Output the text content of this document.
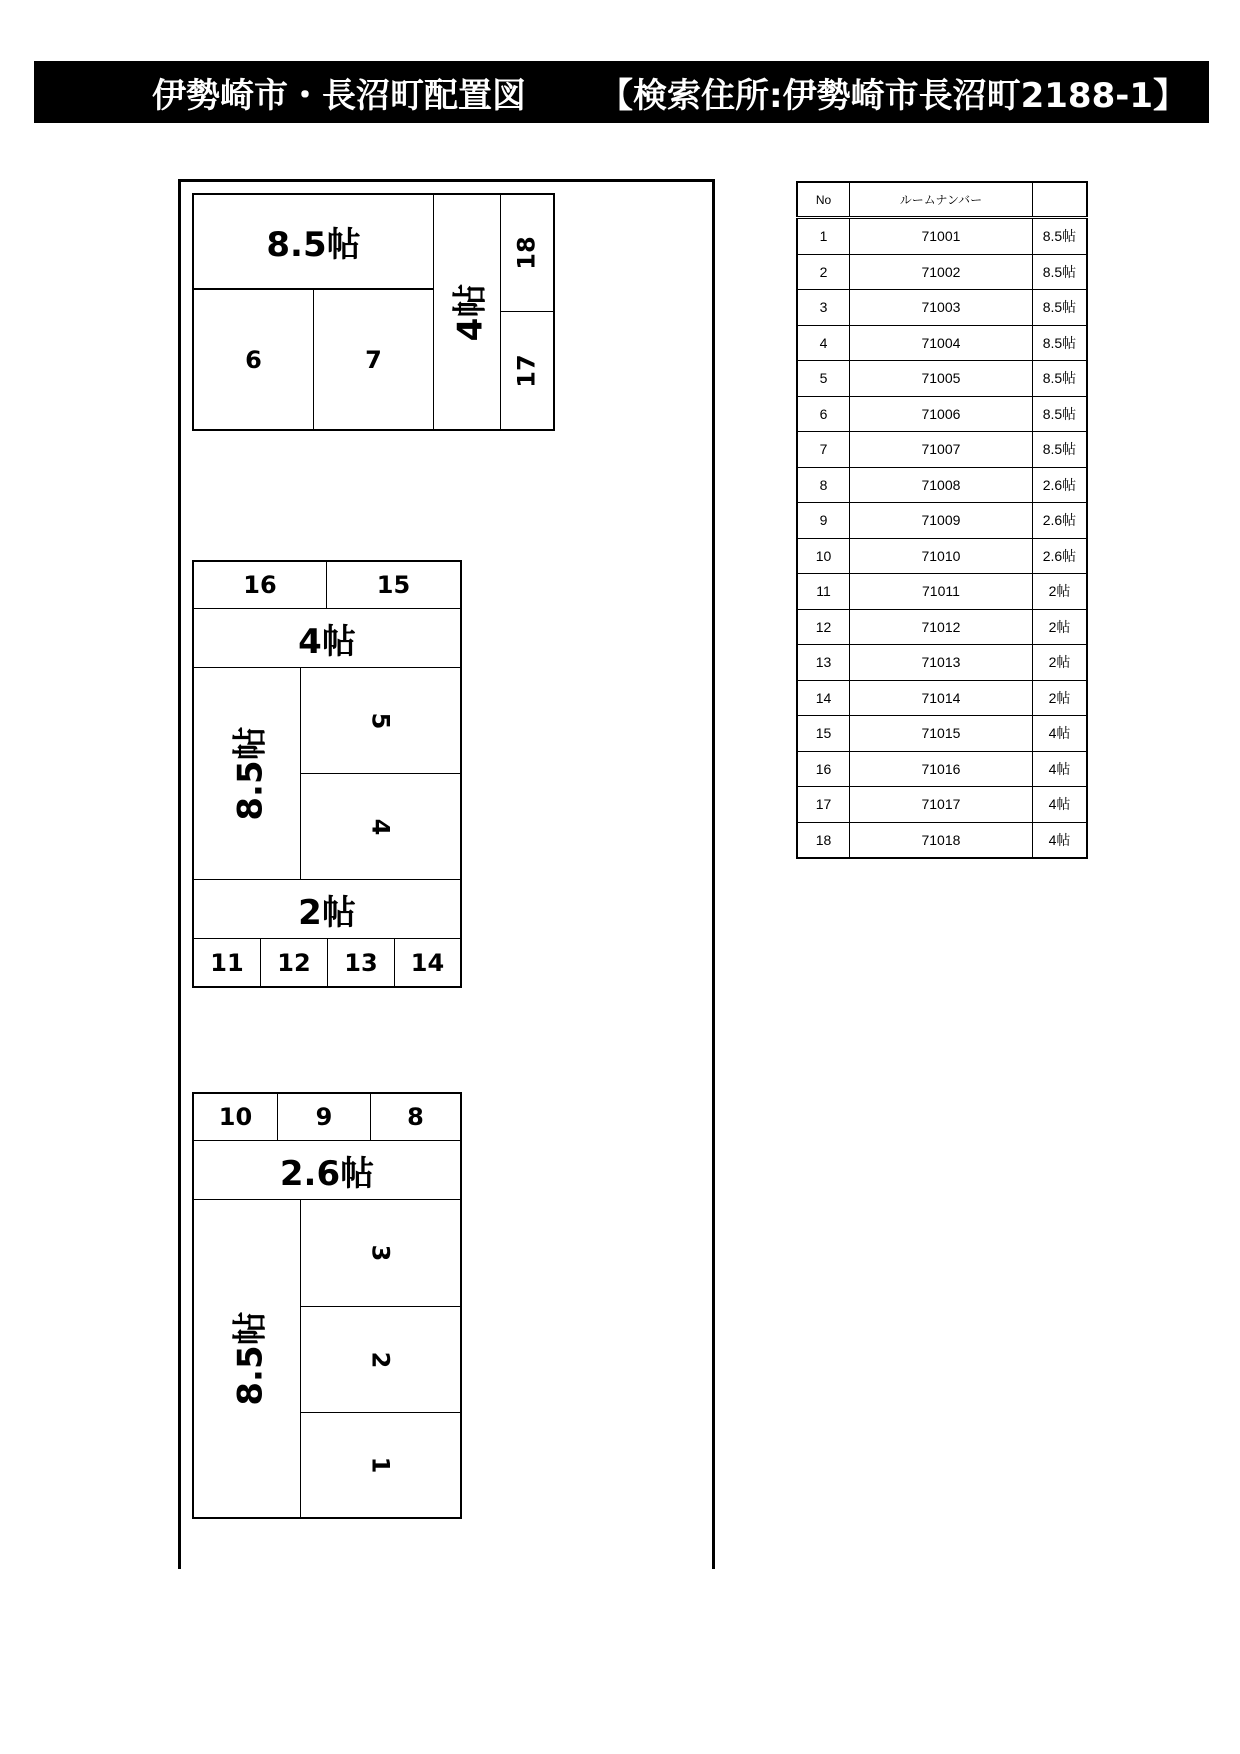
伊勢崎市・長沼町配置図 【検索住所:伊勢崎市長沼町2188-1】
8.5帖
6	7
4帖
18
17
16	15
4帖
8.5帖
5
4
2帖
11 12 13 14
10	9	8
2.6帖
8.5帖
3
2
1
No	ルームナンバー	
1	71001	8.5帖
2	71002	8.5帖
3	71003	8.5帖
4	71004	8.5帖
5	71005	8.5帖
6	71006	8.5帖
7	71007	8.5帖
8	71008	2.6帖
9	71009	2.6帖
10	71010	2.6帖
11	71011	2帖
12	71012	2帖
13	71013	2帖
14	71014	2帖
15	71015	4帖
16	71016	4帖
17	71017	4帖
18	71018	4帖
